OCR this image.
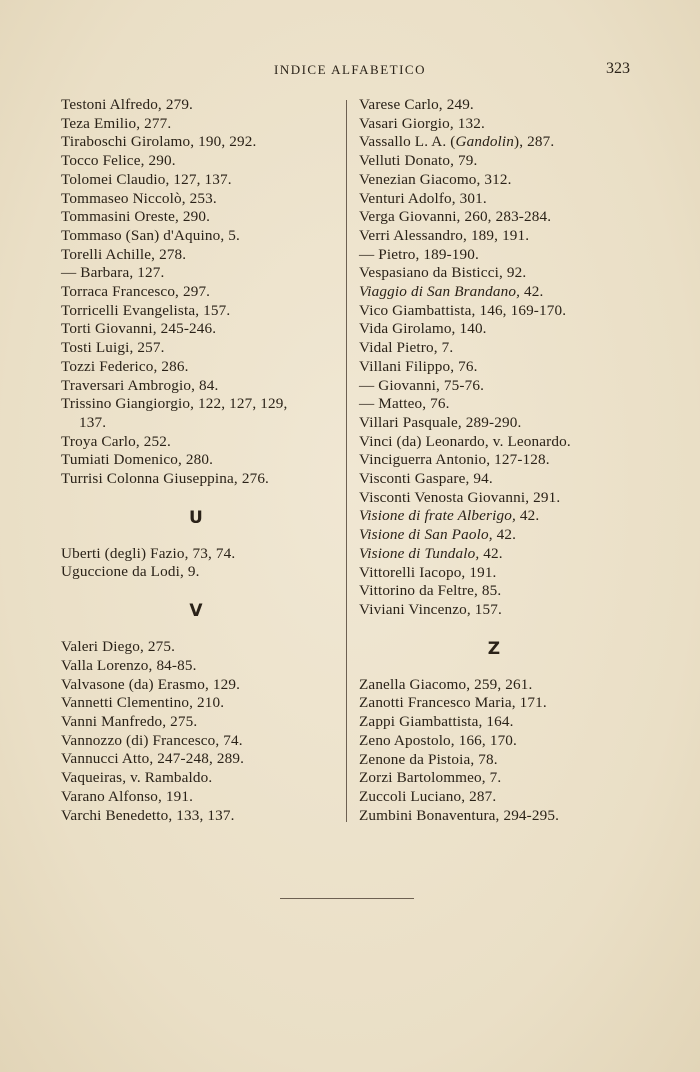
INDICE ALFABETICO	323
Testoni Alfredo, 279.
Teza Emilio, 277.
Tiraboschi Girolamo, 190, 292.
Tocco Felice, 290.
Tolomei Claudio, 127, 137.
Tommaseo Niccolò, 253.
Tommasini Oreste, 290.
Tommaso (San) d'Aquino, 5.
Torelli Achille, 278.
— Barbara, 127.
Torraca Francesco, 297.
Torricelli Evangelista, 157.
Torti Giovanni, 245-246.
Tosti Luigi, 257.
Tozzi Federico, 286.
Traversari Ambrogio, 84.
Trissino Giangiorgio, 122, 127, 129,
137.
Troya Carlo, 252.
Tumiati Domenico, 280.
Turrisi Colonna Giuseppina, 276.
U
Uberti (degli) Fazio, 73, 74.
Uguccione da Lodi, 9.
V
Valeri Diego, 275.
Valla Lorenzo, 84-85.
Valvasone (da) Erasmo, 129.
Vannetti Clementino, 210.
Vanni Manfredo, 275.
Vannozzo (di) Francesco, 74.
Vannucci Atto, 247-248, 289.
Vaqueiras, v. Rambaldo.
Varano Alfonso, 191.
Varchi Benedetto, 133, 137.
Varese Carlo, 249.
Vasari Giorgio, 132.
Vassallo L. A. (Gandolin), 287.
Velluti Donato, 79.
Venezian Giacomo, 312.
Venturi Adolfo, 301.
Verga Giovanni, 260, 283-284.
Verri Alessandro, 189, 191.
— Pietro, 189-190.
Vespasiano da Bisticci, 92.
Viaggio di San Brandano, 42.
Vico Giambattista, 146, 169-170.
Vida Girolamo, 140.
Vidal Pietro, 7.
Villani Filippo, 76.
— Giovanni, 75-76.
— Matteo, 76.
Villari Pasquale, 289-290.
Vinci (da) Leonardo, v. Leonardo.
Vinciguerra Antonio, 127-128.
Visconti Gaspare, 94.
Visconti Venosta Giovanni, 291.
Visione di frate Alberigo, 42.
Visione di San Paolo, 42.
Visione di Tundalo, 42.
Vittorelli Iacopo, 191.
Vittorino da Feltre, 85.
Viviani Vincenzo, 157.
Z
Zanella Giacomo, 259, 261.
Zanotti Francesco Maria, 171.
Zappi Giambattista, 164.
Zeno Apostolo, 166, 170.
Zenone da Pistoia, 78.
Zorzi Bartolommeo, 7.
Zuccoli Luciano, 287.
Zumbini Bonaventura, 294-295.
